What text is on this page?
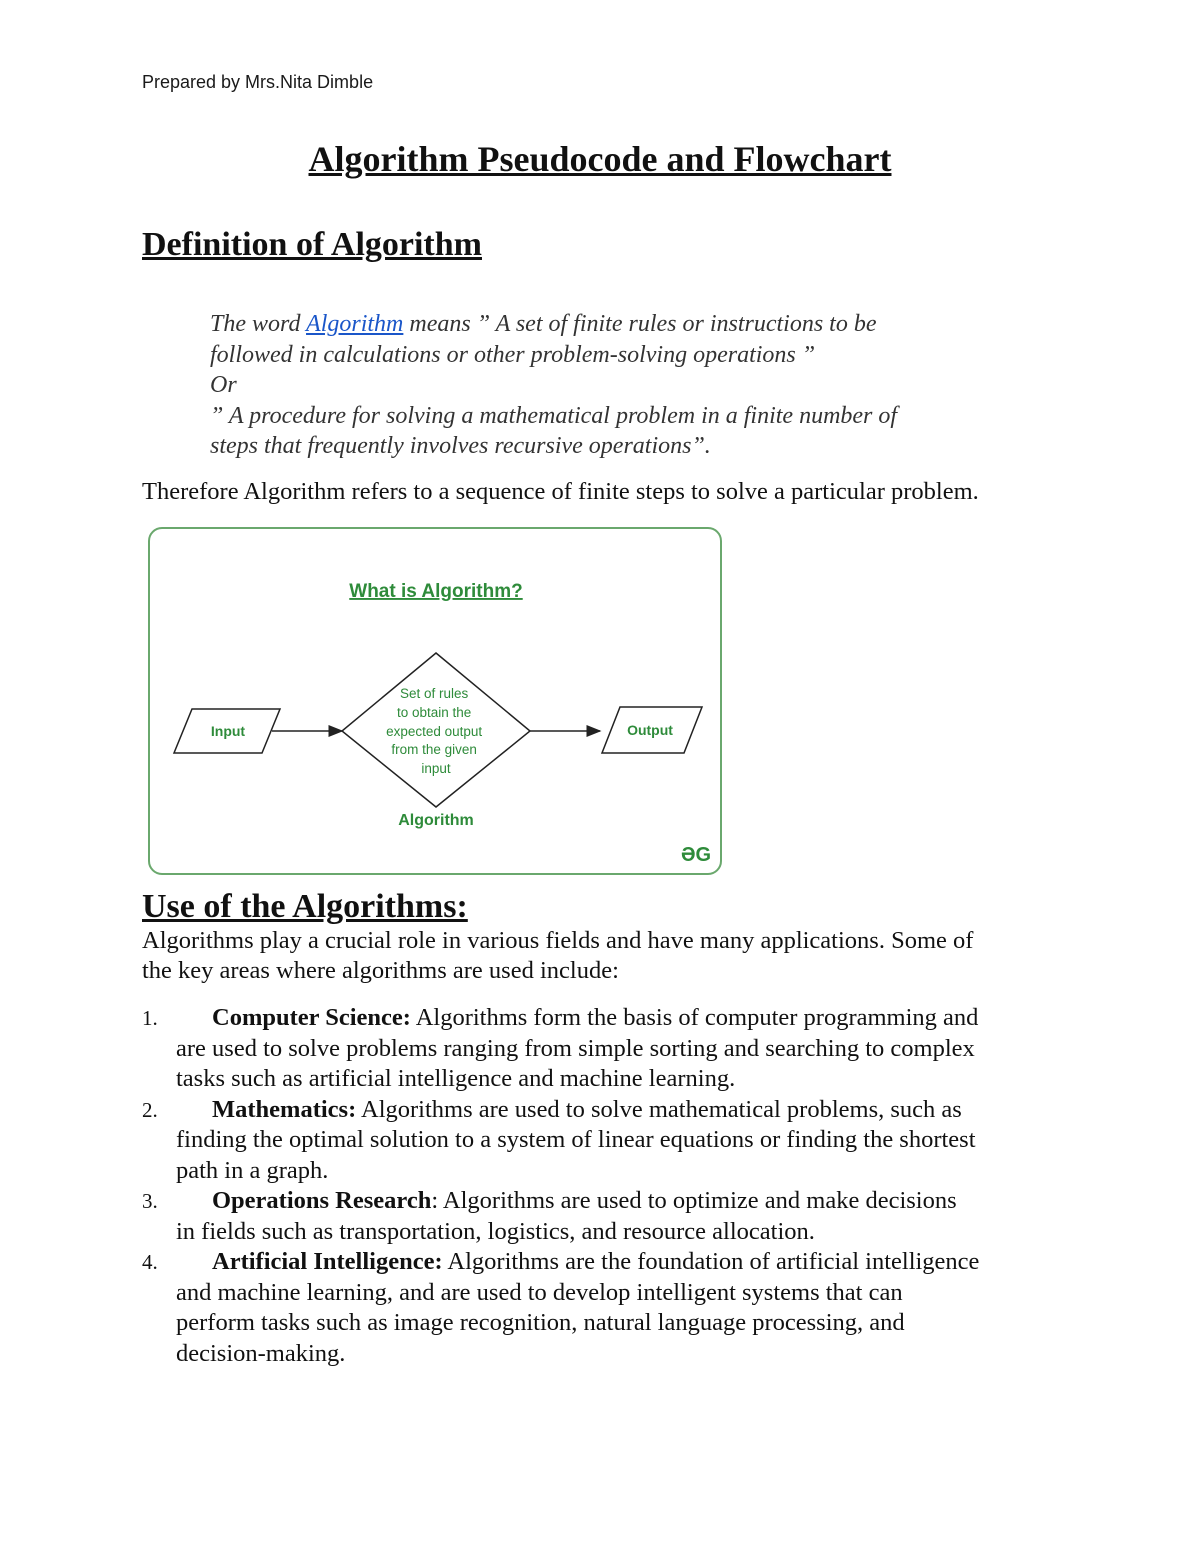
Prepared by Mrs.Nita Dimble
Algorithm Pseudocode and Flowchart
Definition of Algorithm
The word Algorithm means ” A set of finite rules or instructions to be
followed in calculations or other problem-solving operations ”
Or
” A procedure for solving a mathematical problem in a finite number of
steps that frequently involves recursive operations”.
Therefore Algorithm refers to a sequence of finite steps to solve a particular problem.
What is Algorithm?
Input
Set of rules to obtain the expected output from the given input
Output
Algorithm
ƏG
Use of the Algorithms:
Algorithms play a crucial role in various fields and have many applications. Some of
the key areas where algorithms are used include:
1.	Computer Science: Algorithms form the basis of computer programming and
are used to solve problems ranging from simple sorting and searching to complex
tasks such as artificial intelligence and machine learning.
2.	Mathematics: Algorithms are used to solve mathematical problems, such as
finding the optimal solution to a system of linear equations or finding the shortest
path in a graph.
3.	Operations Research: Algorithms are used to optimize and make decisions
in fields such as transportation, logistics, and resource allocation.
4.	Artificial Intelligence: Algorithms are the foundation of artificial intelligence
and machine learning, and are used to develop intelligent systems that can
perform tasks such as image recognition, natural language processing, and
decision-making.
